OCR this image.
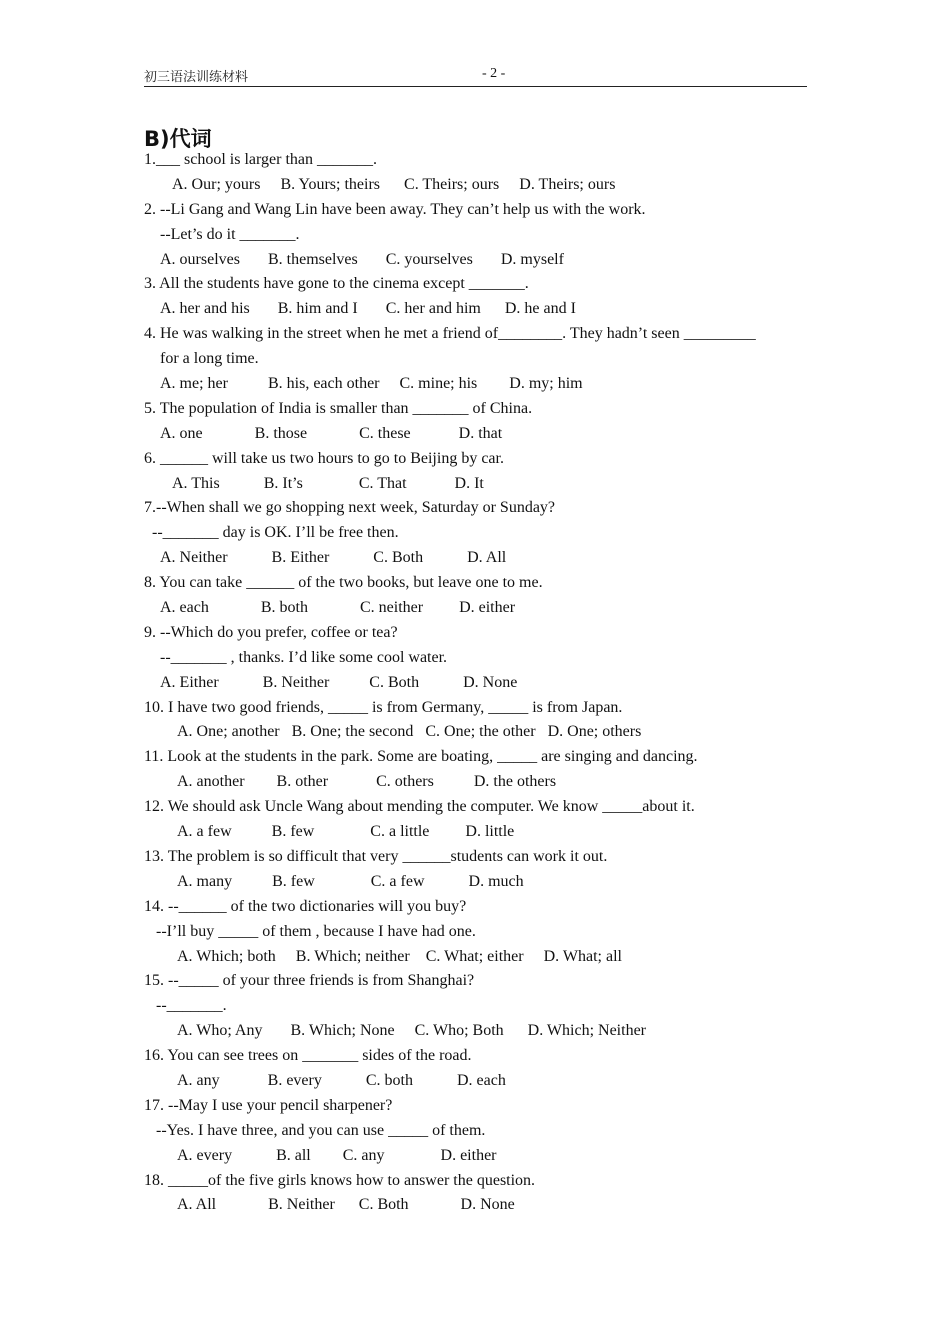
初三语法训练材料	- 2 -
B)代词
1.___ school is larger than _______.
A. Our; yours     B. Yours; theirs      C. Theirs; ours     D. Theirs; ours
2. --Li Gang and Wang Lin have been away. They can’t help us with the work.
--Let’s do it _______.
A. ourselves       B. themselves       C. yourselves       D. myself
3. All the students have gone to the cinema except _______.
A. her and his       B. him and I       C. her and him      D. he and I
4. He was walking in the street when he met a friend of________. They hadn’t seen _________
for a long time.
A. me; her          B. his, each other     C. mine; his        D. my; him
5. The population of India is smaller than _______ of China.
A. one             B. those             C. these            D. that
6. ______ will take us two hours to go to Beijing by car.
A. This           B. It’s              C. That            D. It
7.--When shall we go shopping next week, Saturday or Sunday?
--_______ day is OK. I’ll be free then.
A. Neither           B. Either           C. Both           D. All
8. You can take ______ of the two books, but leave one to me.
A. each             B. both             C. neither         D. either
9. --Which do you prefer, coffee or tea?
--_______ , thanks. I’d like some cool water.
A. Either           B. Neither          C. Both           D. None
10. I have two good friends, _____ is from Germany, _____ is from Japan.
A. One; another   B. One; the second   C. One; the other   D. One; others
11. Look at the students in the park. Some are boating, _____ are singing and dancing.
A. another        B. other            C. others          D. the others
12. We should ask Uncle Wang about mending the computer. We know _____about it.
A. a few          B. few              C. a little         D. little
13. The problem is so difficult that very ______students can work it out.
A. many          B. few              C. a few           D. much
14. --______ of the two dictionaries will you buy?
--I’ll buy _____ of them , because I have had one.
A. Which; both     B. Which; neither    C. What; either     D. What; all
15. --_____ of your three friends is from Shanghai?
--_______.
A. Who; Any       B. Which; None     C. Who; Both      D. Which; Neither
16. You can see trees on _______ sides of the road.
A. any            B. every           C. both           D. each
17. --May I use your pencil sharpener?
--Yes. I have three, and you can use _____ of them.
A. every           B. all        C. any              D. either
18. _____of the five girls knows how to answer the question.
A. All             B. Neither      C. Both             D. None
